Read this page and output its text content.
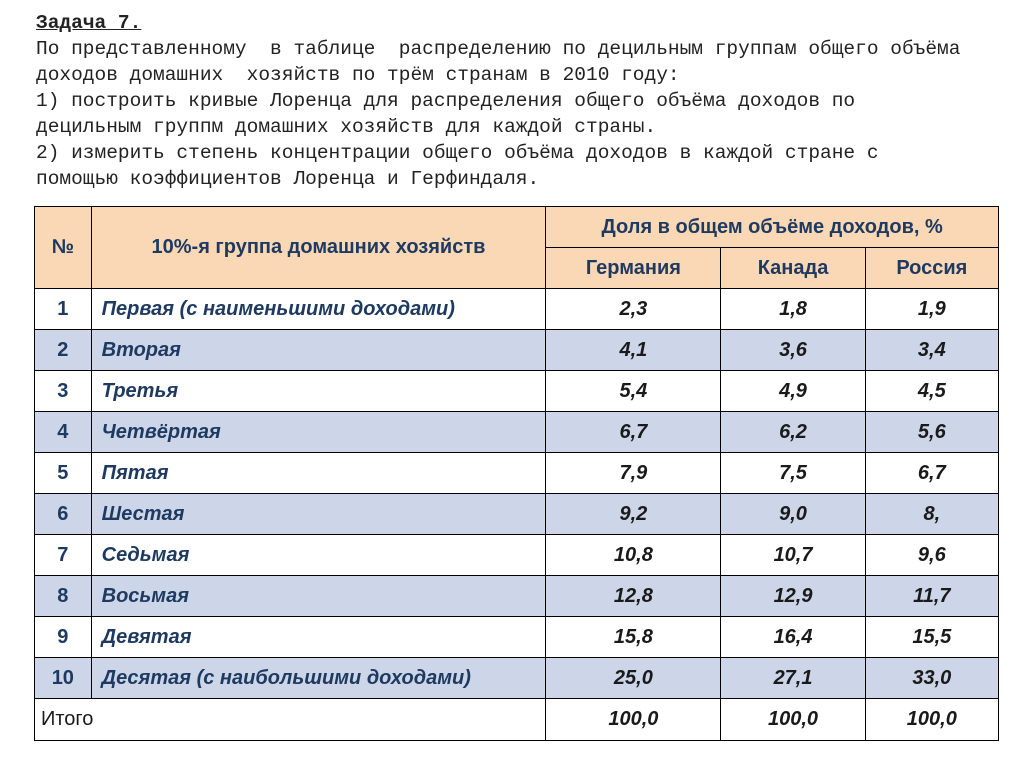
Задача 7.
По представленному  в таблице  распределению по децильным группам общего объёма
доходов домашних  хозяйств по трём странам в 2010 году:
1) построить кривые Лоренца для распределения общего объёма доходов по
децильным группм домашних хозяйств для каждой страны.
2) измерить степень концентрации общего объёма доходов в каждой стране с
помощью коэффициентов Лоренца и Герфиндаля.
№	10%-я группа домашних хозяйств	Доля в общем объёме доходов, %		
		Германия	Канада	Россия
1	Первая (с наименьшими доходами)	2,3	1,8	1,9
2	Вторая	4,1	3,6	3,4
3	Третья	5,4	4,9	4,5
4	Четвёртая	6,7	6,2	5,6
5	Пятая	7,9	7,5	6,7
6	Шестая	9,2	9,0	8,
7	Седьмая	10,8	10,7	9,6
8	Восьмая	12,8	12,9	11,7
9	Девятая	15,8	16,4	15,5
10	Десятая (с наибольшими доходами)	25,0	27,1	33,0
Итого		100,0	100,0	100,0
